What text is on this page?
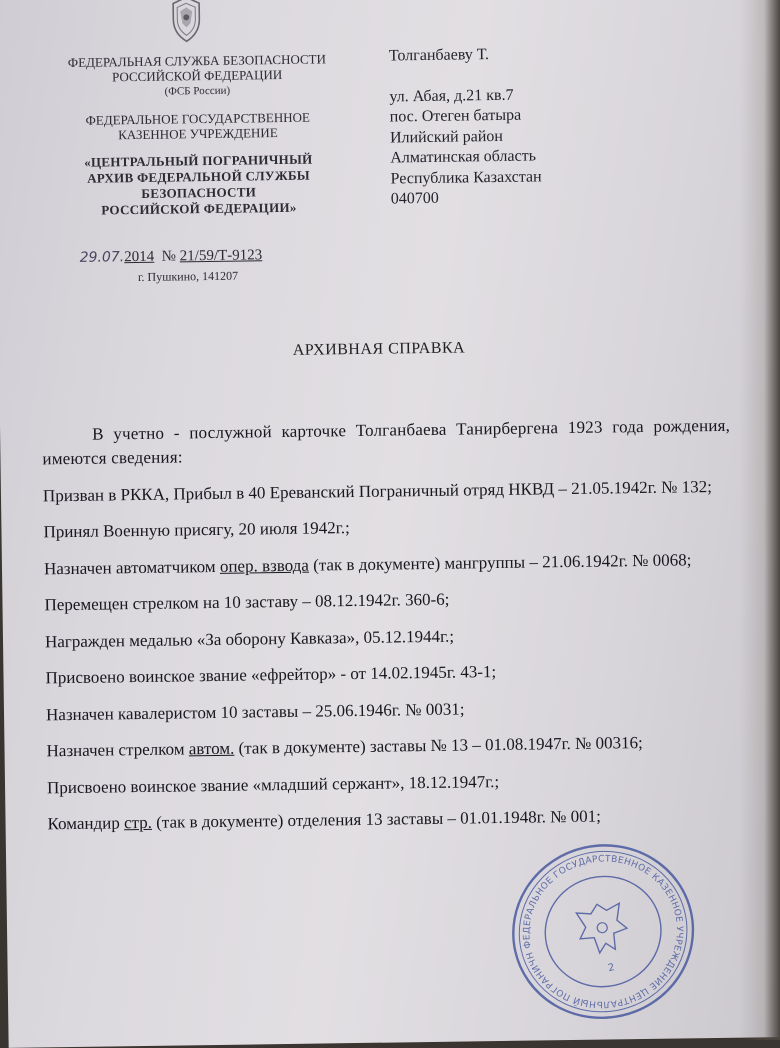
ФЕДЕРАЛЬНАЯ СЛУЖБА БЕЗОПАСНОСТИ
РОССИЙСКОЙ ФЕДЕРАЦИИ
(ФСБ России)
ФЕДЕРАЛЬНОЕ ГОСУДАРСТВЕННОЕ
КАЗЕННОЕ УЧРЕЖДЕНИЕ
«ЦЕНТРАЛЬНЫЙ ПОГРАНИЧНЫЙ
АРХИВ ФЕДЕРАЛЬНОЙ СЛУЖБЫ
БЕЗОПАСНОСТИ
РОССИЙСКОЙ ФЕДЕРАЦИИ»
29.07.2014 № 21/59/Т-9123
г. Пушкино, 141207
Толганбаеву Т.
ул. Абая, д.21 кв.7
пос. Отеген батыра
Илийский район
Алматинская область
Республика Казахстан
040700
АРХИВНАЯ СПРАВКА

В учетно - послужной карточке Толганбаева Танирбергена 1923 года рождения, имеются сведения:

Призван в РККА, Прибыл в 40 Ереванский Пограничный отряд НКВД – 21.05.1942г. № 132;

Принял Военную присягу, 20 июля 1942г.;

Назначен автоматчиком опер. взвода (так в документе) мангруппы – 21.06.1942г. № 0068;

Перемещен стрелком на 10 заставу – 08.12.1942г. 360-6;

Награжден медалью «За оборону Кавказа», 05.12.1944г.;

Присвоено воинское звание «ефрейтор» - от 14.02.1945г. 43-1;

Назначен кавалеристом 10 заставы – 25.06.1946г. № 0031;

Назначен стрелком автом. (так в документе) заставы № 13 – 01.08.1947г. № 00316;

Присвоено воинское звание «младший сержант», 18.12.1947г.;

Командир стр. (так в документе) отделения 13 заставы – 01.01.1948г. № 001;

ФЕДЕРАЛЬНОЕ ГОСУДАРСТВЕННОЕ КАЗЕННОЕ УЧРЕЖДЕНИЕ ЦЕНТРАЛЬНЫЙ ПОГРАНИЧНЫЙ
2
